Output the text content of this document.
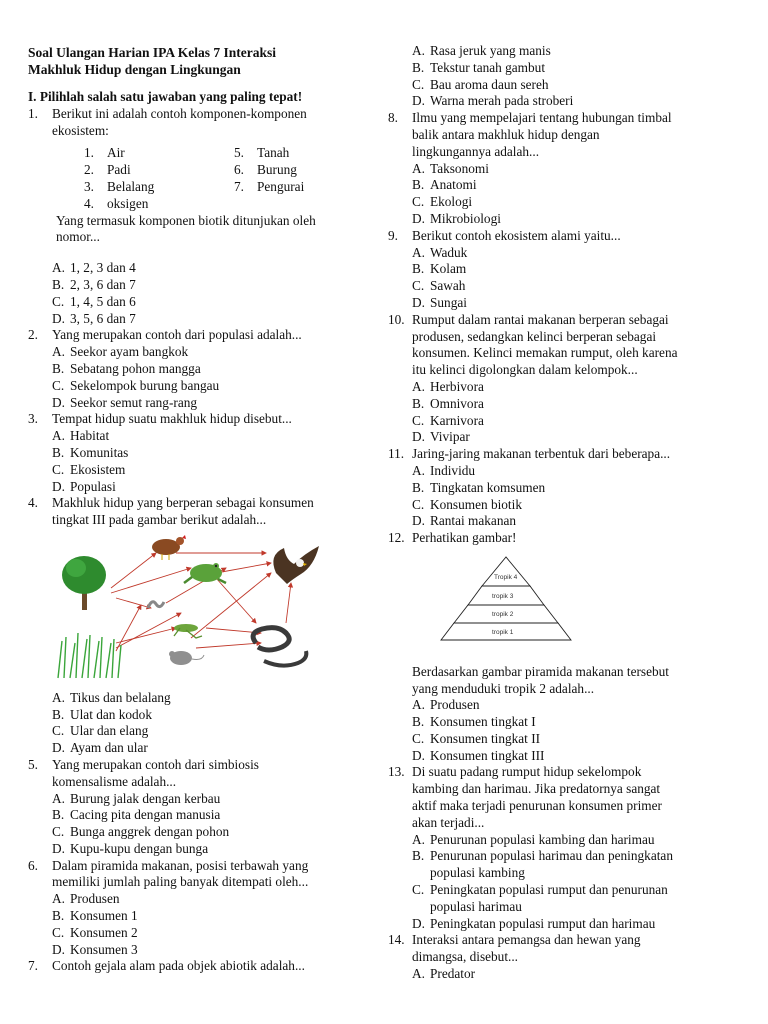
Soal Ulangan Harian IPA Kelas 7 Interaksi
Makhluk Hidup dengan Lingkungan
I. Pilihlah salah satu jawaban yang paling tepat!
1. Berikut ini adalah contoh komponen-komponen
ekosistem:
1. Air	5. Tanah
2. Padi	6. Burung
3. Belalang	7. Pengurai
4. oksigen
Yang termasuk komponen biotik ditunjukan oleh
nomor...
A. 1, 2, 3 dan 4
B. 2, 3, 6 dan 7
C. 1, 4, 5 dan 6
D. 3, 5, 6 dan 7
2. Yang merupakan contoh dari populasi adalah...
A. Seekor ayam bangkok
B. Sebatang pohon mangga
C. Sekelompok burung bangau
D. Seekor semut rang-rang
3. Tempat hidup suatu makhluk hidup disebut...
A. Habitat
B. Komunitas
C. Ekosistem
D. Populasi
4. Makhluk hidup yang berperan sebagai konsumen
tingkat III pada gambar berikut adalah...
A. Tikus dan belalang
B. Ulat dan kodok
C. Ular dan elang
D. Ayam dan ular
5. Yang merupakan contoh dari simbiosis
komensalisme adalah...
A. Burung jalak dengan kerbau
B. Cacing pita dengan manusia
C. Bunga anggrek dengan pohon
D. Kupu-kupu dengan bunga
6. Dalam piramida makanan, posisi terbawah yang
memiliki jumlah paling banyak ditempati oleh...
A. Produsen
B. Konsumen 1
C. Konsumen 2
D. Konsumen 3
7. Contoh gejala alam pada objek abiotik adalah...
A. Rasa jeruk yang manis
B. Tekstur tanah gambut
C. Bau aroma daun sereh
D. Warna merah pada stroberi
8. Ilmu yang mempelajari tentang hubungan timbal
balik antara makhluk hidup dengan
lingkungannya adalah...
A. Taksonomi
B. Anatomi
C. Ekologi
D. Mikrobiologi
9. Berikut contoh ekosistem alami yaitu...
A. Waduk
B. Kolam
C. Sawah
D. Sungai
10. Rumput dalam rantai makanan berperan sebagai
produsen, sedangkan kelinci berperan sebagai
konsumen. Kelinci memakan rumput, oleh karena
itu kelinci digolongkan dalam kelompok...
A. Herbivora
B. Omnivora
C. Karnivora
D. Vivipar
11. Jaring-jaring makanan terbentuk dari beberapa...
A. Individu
B. Tingkatan komsumen
C. Konsumen biotik
D. Rantai makanan
12. Perhatikan gambar!
tropik 1
tropik 2
tropik 3
Tropik 4
Berdasarkan gambar piramida makanan tersebut
yang menduduki tropik 2 adalah...
A. Produsen
B. Konsumen tingkat I
C. Konsumen tingkat II
D. Konsumen tingkat III
13. Di suatu padang rumput hidup sekelompok
kambing dan harimau. Jika predatornya sangat
aktif maka terjadi penurunan konsumen primer
akan terjadi...
A. Penurunan populasi kambing dan harimau
B. Penurunan populasi harimau dan peningkatan
populasi kambing
C. Peningkatan populasi rumput dan penurunan
populasi harimau
D. Peningkatan populasi rumput dan harimau
14. Interaksi antara pemangsa dan hewan yang
dimangsa, disebut...
A. Predator
